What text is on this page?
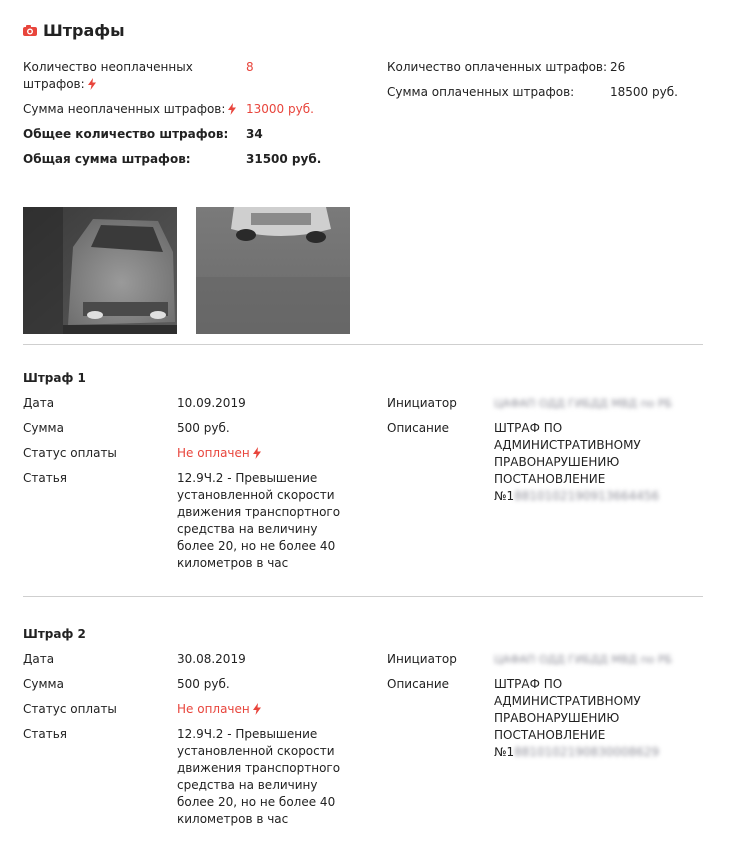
Штрафы
Количество неоплаченных штрафов:
8
Сумма неоплаченных штрафов:	13000 руб.
Общее количество штрафов: 34
Общая сумма штрафов:	31500 руб.
Количество оплаченных штрафов: 26
Сумма оплаченных штрафов:	18500 руб.
Штраф 1
Дата	10.09.2019
Сумма	500 руб.
Статус оплаты	Не оплачен
Статья	12.9Ч.2 - Превышение установленной скорости движения транспортного средства на величину более 20, но не более 40 километров в час
Инициатор	ЦАФАП ОДД ГИБДД МВД по РБ
Описание	ШТРАФ ПО АДМИНИСТРАТИВНОМУ ПРАВОНАРУШЕНИЮ ПОСТАНОВЛЕНИЕ
№18810102190913664456
Штраф 2
Дата	30.08.2019
Сумма	500 руб.
Статус оплаты	Не оплачен
Статья	12.9Ч.2 - Превышение установленной скорости движения транспортного средства на величину более 20, но не более 40 километров в час
Инициатор	ЦАФАП ОДД ГИБДД МВД по РБ
Описание	ШТРАФ ПО АДМИНИСТРАТИВНОМУ ПРАВОНАРУШЕНИЮ ПОСТАНОВЛЕНИЕ
№18810102190830008629
